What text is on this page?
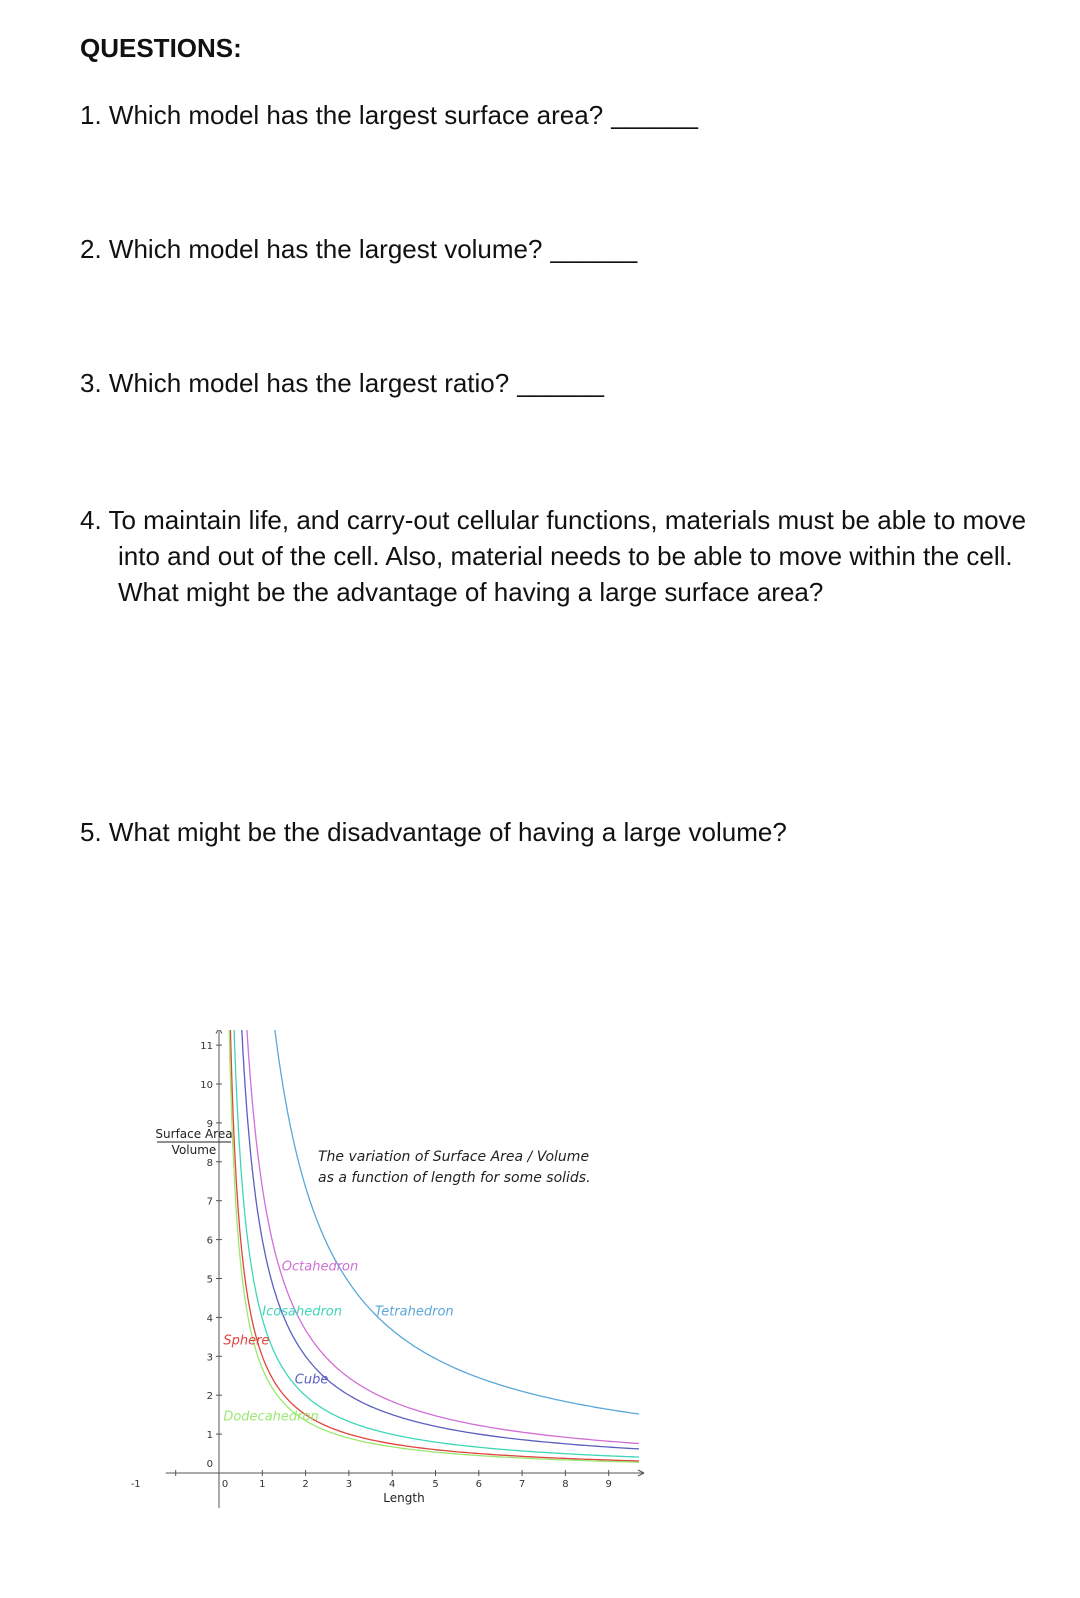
QUESTIONS:

1. Which model has the largest surface area? ______

2. Which model has the largest volume? ______

3. Which model has the largest ratio? ______

4. To maintain life, and carry-out cellular functions, materials must be able to move into and out of the cell. Also, material needs to be able to move within the cell. What might be the advantage of having a large surface area?

5. What might be the disadvantage of having a large volume?

-1	0	1	2	3	4	5	6	7	8	9
0
1
2
3
4
5
6
7
8
9
10
11
Tetrahedron
Octahedron
Cube
Icosahedron
Sphere
Dodecahedron
The variation of Surface Area / Volume
as a function of length for some solids.
Length
Surface Area
Volume
